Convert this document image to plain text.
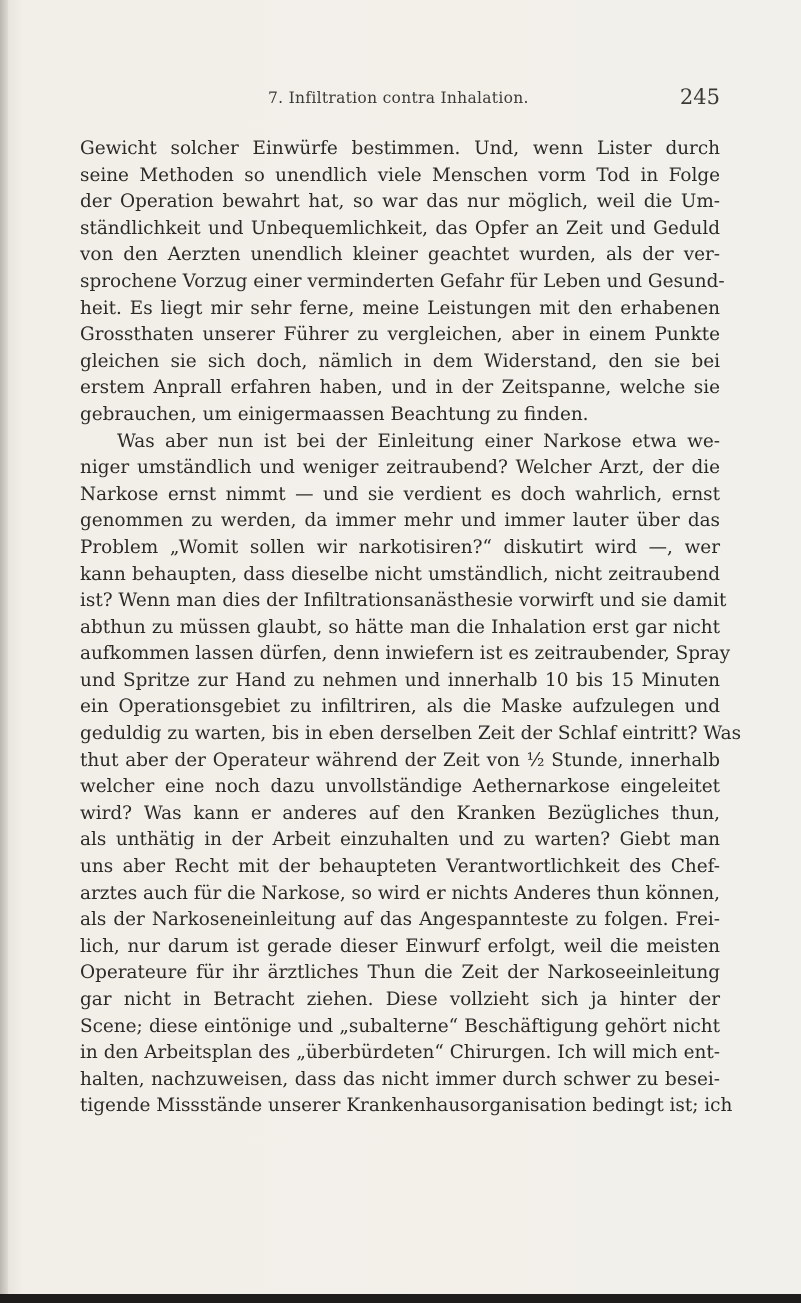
7. Infiltration contra Inhalation.	245
Gewicht solcher Einwürfe bestimmen. Und, wenn Lister durch
seine Methoden so unendlich viele Menschen vorm Tod in Folge
der Operation bewahrt hat, so war das nur möglich, weil die Um-
ständlichkeit und Unbequemlichkeit, das Opfer an Zeit und Geduld
von den Aerzten unendlich kleiner geachtet wurden, als der ver-
sprochene Vorzug einer verminderten Gefahr für Leben und Gesund-
heit. Es liegt mir sehr ferne, meine Leistungen mit den erhabenen
Grossthaten unserer Führer zu vergleichen, aber in einem Punkte
gleichen sie sich doch, nämlich in dem Widerstand, den sie bei
erstem Anprall erfahren haben, und in der Zeitspanne, welche sie
gebrauchen, um einigermaassen Beachtung zu finden.
Was aber nun ist bei der Einleitung einer Narkose etwa we-
niger umständlich und weniger zeitraubend? Welcher Arzt, der die
Narkose ernst nimmt — und sie verdient es doch wahrlich, ernst
genommen zu werden, da immer mehr und immer lauter über das
Problem „Womit sollen wir narkotisiren?“ diskutirt wird —, wer
kann behaupten, dass dieselbe nicht umständlich, nicht zeitraubend
ist? Wenn man dies der Infiltrationsanästhesie vorwirft und sie damit
abthun zu müssen glaubt, so hätte man die Inhalation erst gar nicht
aufkommen lassen dürfen, denn inwiefern ist es zeitraubender, Spray
und Spritze zur Hand zu nehmen und innerhalb 10 bis 15 Minuten
ein Operationsgebiet zu infiltriren, als die Maske aufzulegen und
geduldig zu warten, bis in eben derselben Zeit der Schlaf eintritt? Was
thut aber der Operateur während der Zeit von ½ Stunde, innerhalb
welcher eine noch dazu unvollständige Aethernarkose eingeleitet
wird? Was kann er anderes auf den Kranken Bezügliches thun,
als unthätig in der Arbeit einzuhalten und zu warten? Giebt man
uns aber Recht mit der behaupteten Verantwortlichkeit des Chef-
arztes auch für die Narkose, so wird er nichts Anderes thun können,
als der Narkoseneinleitung auf das Angespannteste zu folgen. Frei-
lich, nur darum ist gerade dieser Einwurf erfolgt, weil die meisten
Operateure für ihr ärztliches Thun die Zeit der Narkoseeinleitung
gar nicht in Betracht ziehen. Diese vollzieht sich ja hinter der
Scene; diese eintönige und „subalterne“ Beschäftigung gehört nicht
in den Arbeitsplan des „überbürdeten“ Chirurgen. Ich will mich ent-
halten, nachzuweisen, dass das nicht immer durch schwer zu besei-
tigende Missstände unserer Krankenhausorganisation bedingt ist; ich
